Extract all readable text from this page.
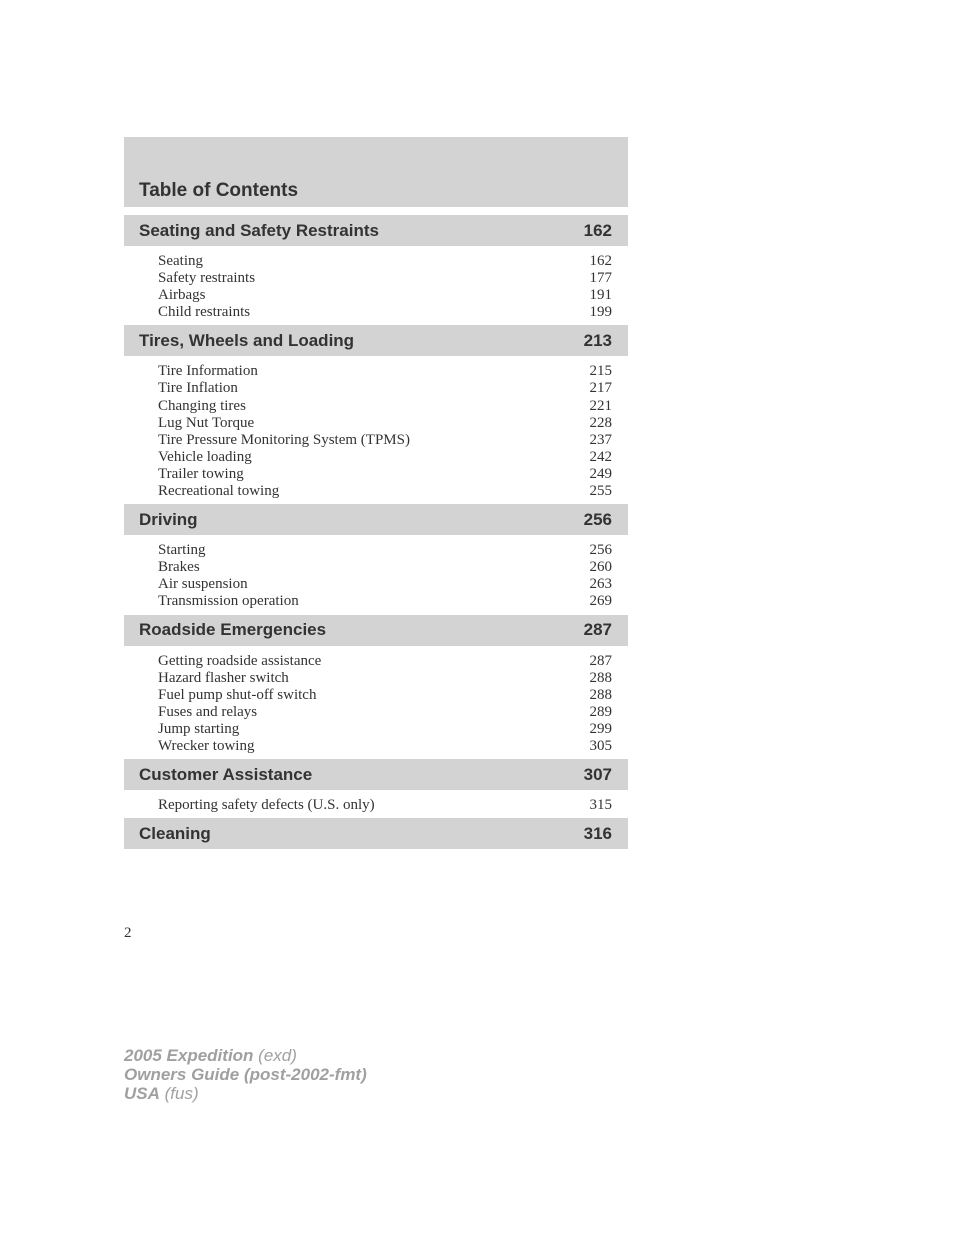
Table of Contents
Seating and Safety Restraints	162
Seating	162
Safety restraints	177
Airbags	191
Child restraints	199
Tires, Wheels and Loading	213
Tire Information	215
Tire Inflation	217
Changing tires	221
Lug Nut Torque	228
Tire Pressure Monitoring System (TPMS)	237
Vehicle loading	242
Trailer towing	249
Recreational towing	255
Driving	256
Starting	256
Brakes	260
Air suspension	263
Transmission operation	269
Roadside Emergencies	287
Getting roadside assistance	287
Hazard flasher switch	288
Fuel pump shut-off switch	288
Fuses and relays	289
Jump starting	299
Wrecker towing	305
Customer Assistance	307
Reporting safety defects (U.S. only)	315
Cleaning	316
2
2005 Expedition (exd)
Owners Guide (post-2002-fmt)
USA (fus)
